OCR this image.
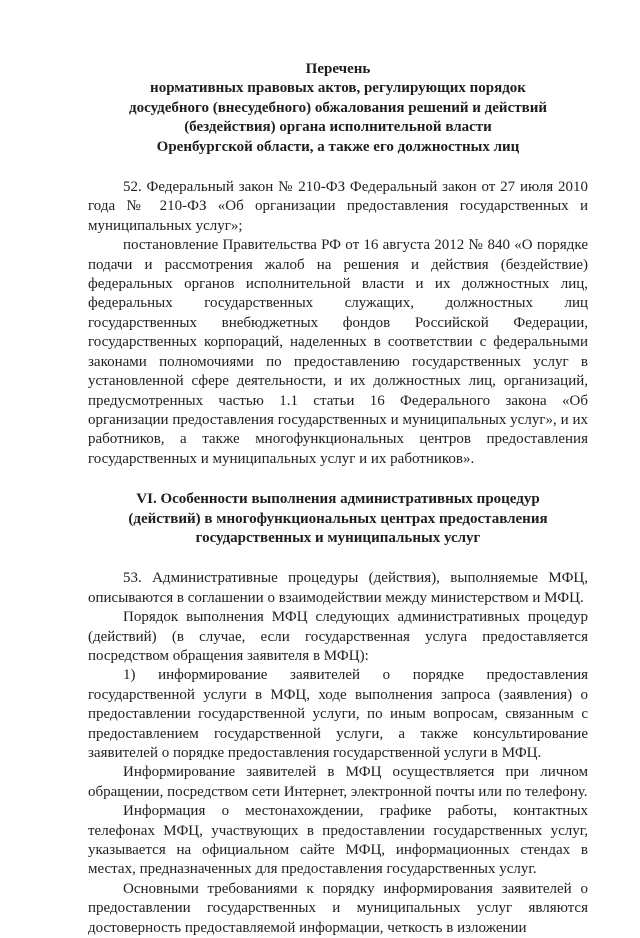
Перечень
нормативных правовых актов, регулирующих порядок
досудебного (внесудебного) обжалования решений и действий
(бездействия) органа исполнительной власти
Оренбургской области, а также его должностных лиц

52. Федеральный закон № 210-ФЗ Федеральный закон от 27 июля 2010 года № 210-ФЗ «Об организации предоставления государственных и муниципальных услуг»;

постановление Правительства РФ от 16 августа 2012 № 840 «О порядке подачи и рассмотрения жалоб на решения и действия (бездействие) федеральных органов исполнительной власти и их должностных лиц, федеральных государственных служащих, должностных лиц государственных внебюджетных фондов Российской Федерации, государственных корпораций, наделенных в соответствии с федеральными законами полномочиями по предоставлению государственных услуг в установленной сфере деятельности, и их должностных лиц, организаций, предусмотренных частью 1.1 статьи 16 Федерального закона «Об организации предоставления государственных и муниципальных услуг», и их работников, а также многофункциональных центров предоставления государственных и муниципальных услуг и их работников».

VI. Особенности выполнения административных процедур
(действий) в многофункциональных центрах предоставления
государственных и муниципальных услуг

53. Административные процедуры (действия), выполняемые МФЦ, описываются в соглашении о взаимодействии между министерством и МФЦ.

Порядок выполнения МФЦ следующих административных процедур (действий) (в случае, если государственная услуга предоставляется посредством обращения заявителя в МФЦ):

1) информирование заявителей о порядке предоставления государственной услуги в МФЦ, ходе выполнения запроса (заявления) о предоставлении государственной услуги, по иным вопросам, связанным с предоставлением государственной услуги, а также консультирование заявителей о порядке предоставления государственной услуги в МФЦ.

Информирование заявителей в МФЦ осуществляется при личном обращении, посредством сети Интернет, электронной почты или по телефону.

Информация о местонахождении, графике работы, контактных телефонах МФЦ, участвующих в предоставлении государственных услуг, указывается на официальном сайте МФЦ, информационных стендах в местах, предназначенных для предоставления государственных услуг.

Основными требованиями к порядку информирования заявителей о предоставлении государственных и муниципальных услуг являются достоверность предоставляемой информации, четкость в изложении
